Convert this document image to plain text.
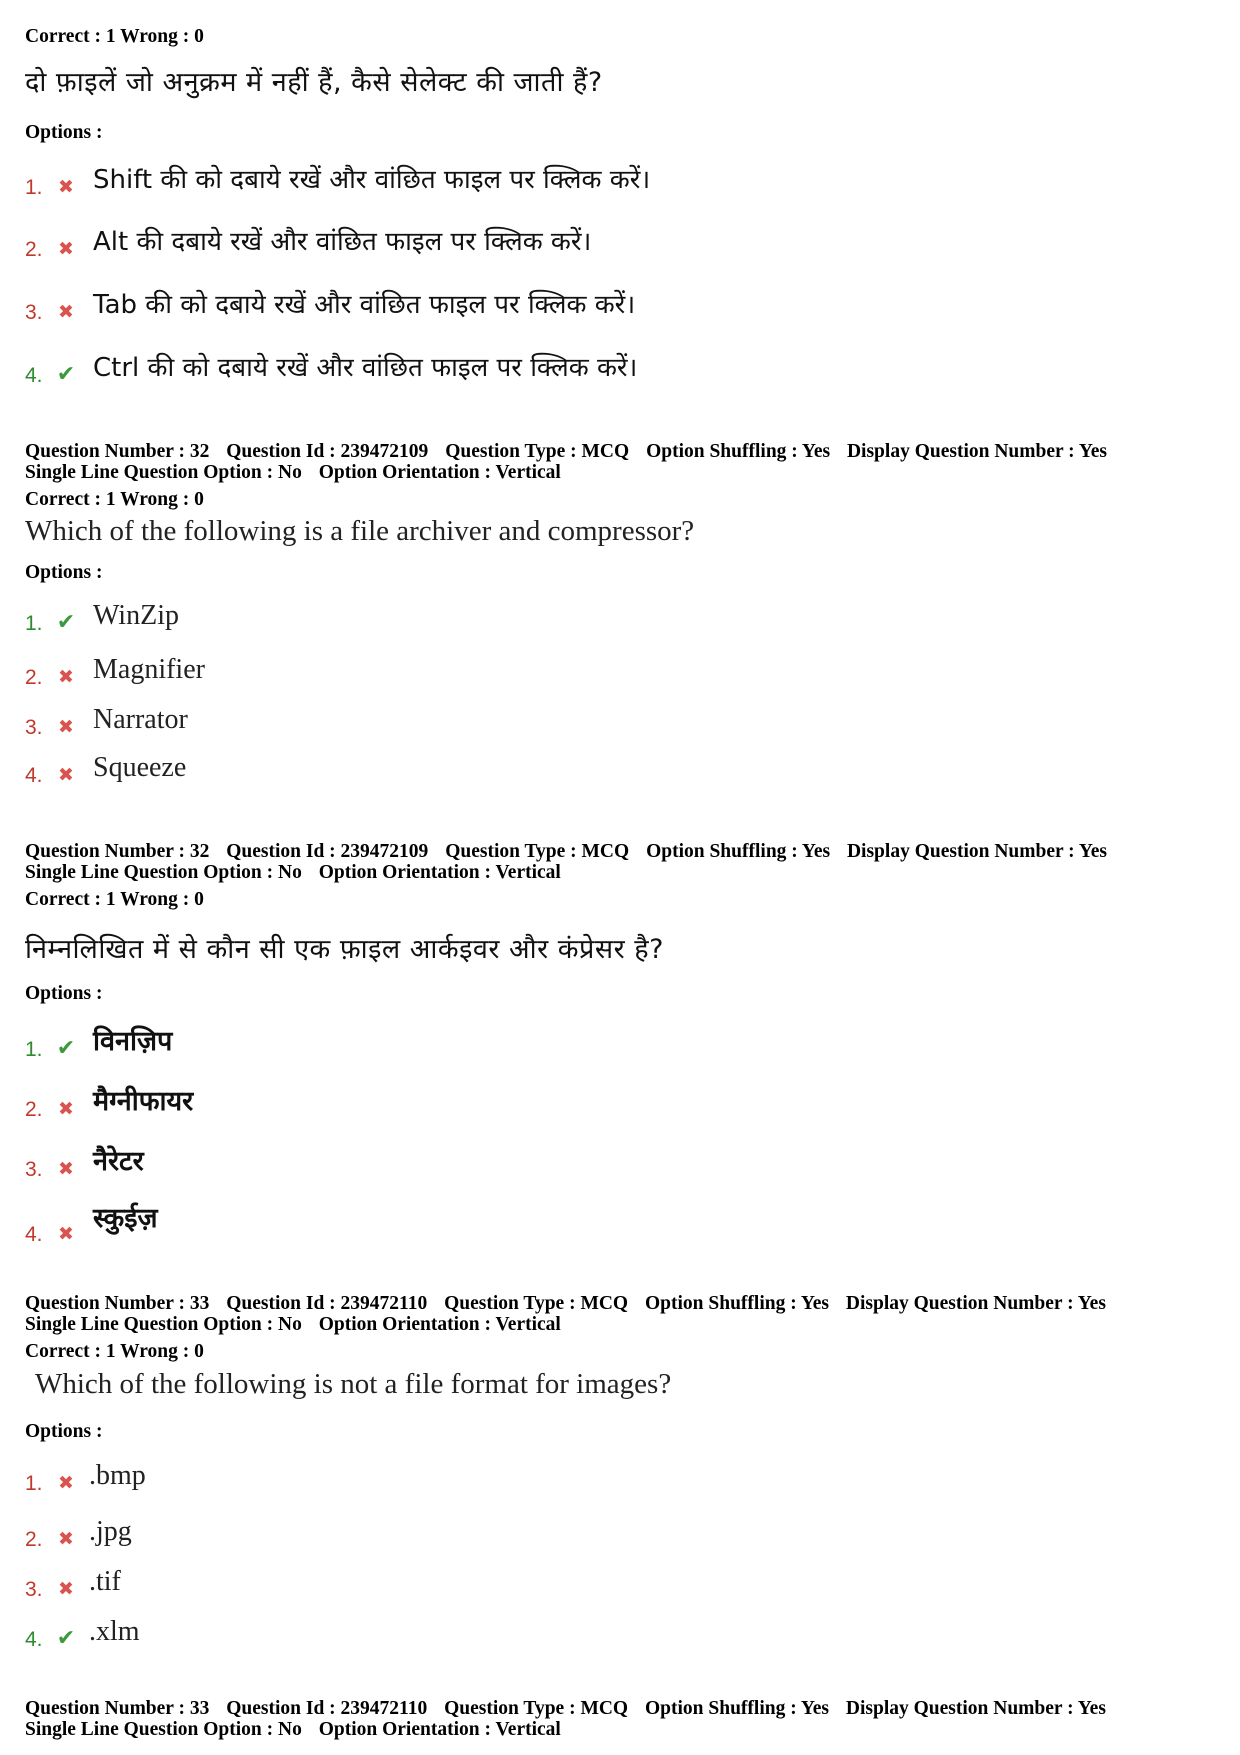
Correct : 1 Wrong : 0
दो फ़ाइलें जो अनुक्रम में नहीं हैं, कैसे सेलेक्ट की जाती हैं?
Options :
1. ✖ Shift की को दबाये रखें और वांछित फाइल पर क्लिक करें।
2. ✖ Alt की दबाये रखें और वांछित फाइल पर क्लिक करें।
3. ✖ Tab की को दबाये रखें और वांछित फाइल पर क्लिक करें।
4. ✔ Ctrl की को दबाये रखें और वांछित फाइल पर क्लिक करें।
Question Number : 32 Question Id : 239472109 Question Type : MCQ Option Shuffling : Yes Display Question Number : Yes
Single Line Question Option : No Option Orientation : Vertical
Correct : 1 Wrong : 0
Which of the following is a file archiver and compressor?
Options :
1. ✔ WinZip
2. ✖ Magnifier
3. ✖ Narrator
4. ✖ Squeeze
Question Number : 32 Question Id : 239472109 Question Type : MCQ Option Shuffling : Yes Display Question Number : Yes
Single Line Question Option : No Option Orientation : Vertical
Correct : 1 Wrong : 0
निम्नलिखित में से कौन सी एक फ़ाइल आर्कइवर और कंप्रेसर है?
Options :
1. ✔ विनज़िप
2. ✖ मैग्नीफायर
3. ✖ नैरेटर
4. ✖ स्कुईज़
Question Number : 33 Question Id : 239472110 Question Type : MCQ Option Shuffling : Yes Display Question Number : Yes
Single Line Question Option : No Option Orientation : Vertical
Correct : 1 Wrong : 0
Which of the following is not a file format for images?
Options :
1. ✖ .bmp
2. ✖ .jpg
3. ✖ .tif
4. ✔ .xlm
Question Number : 33 Question Id : 239472110 Question Type : MCQ Option Shuffling : Yes Display Question Number : Yes
Single Line Question Option : No Option Orientation : Vertical
